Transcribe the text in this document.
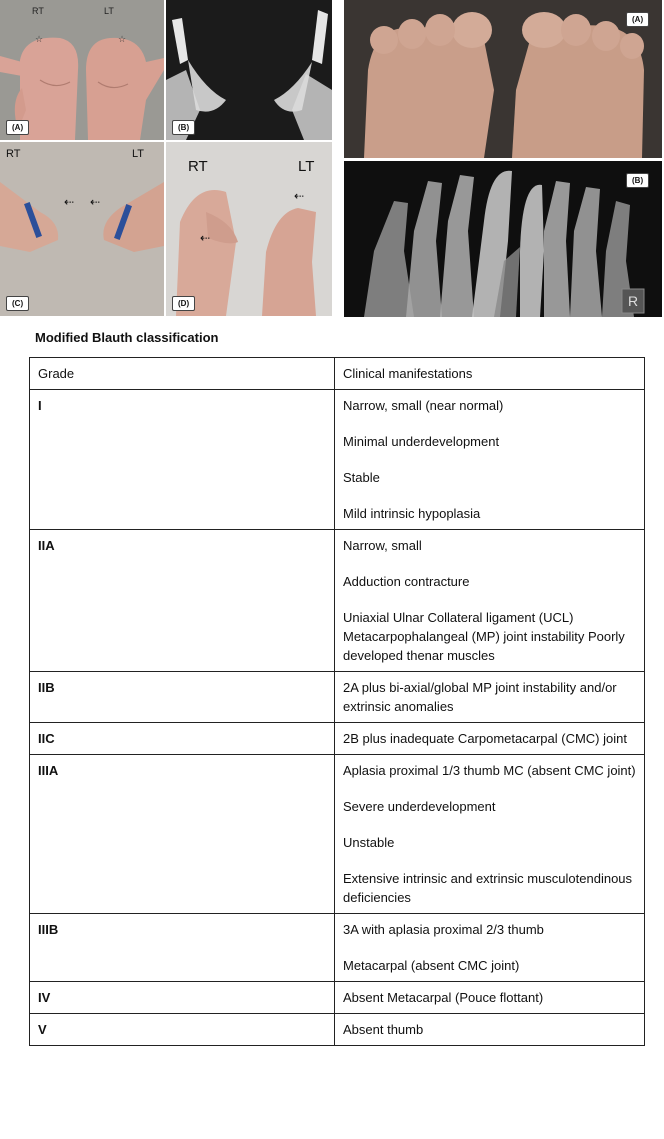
☆	☆
RT	LT
(A)	(B)
⇠ ⇠
RT	LT
(C)
⇠
⇠
RT	LT
(D)
(A)
R
(B)
Modified Blauth classification
Grade	Clinical manifestations
I	Narrow, small (near normal)

Minimal underdevelopment

Stable

Mild intrinsic hypoplasia

IIA	Narrow, small

Adduction contracture

Uniaxial Ulnar Collateral ligament (UCL) Metacarpophalangeal (MP) joint instability Poorly developed thenar muscles

IIB	2A plus bi-axial/global MP joint instability and/or extrinsic anomalies

IIC	2B plus inadequate Carpometacarpal (CMC) joint

IIIA	Aplasia proximal 1/3 thumb MC (absent CMC joint)

Severe underdevelopment

Unstable

Extensive intrinsic and extrinsic musculotendinous deficiencies

IIIB	3A with aplasia proximal 2/3 thumb

Metacarpal (absent CMC joint)

IV	Absent Metacarpal (Pouce flottant)

V	Absent thumb
